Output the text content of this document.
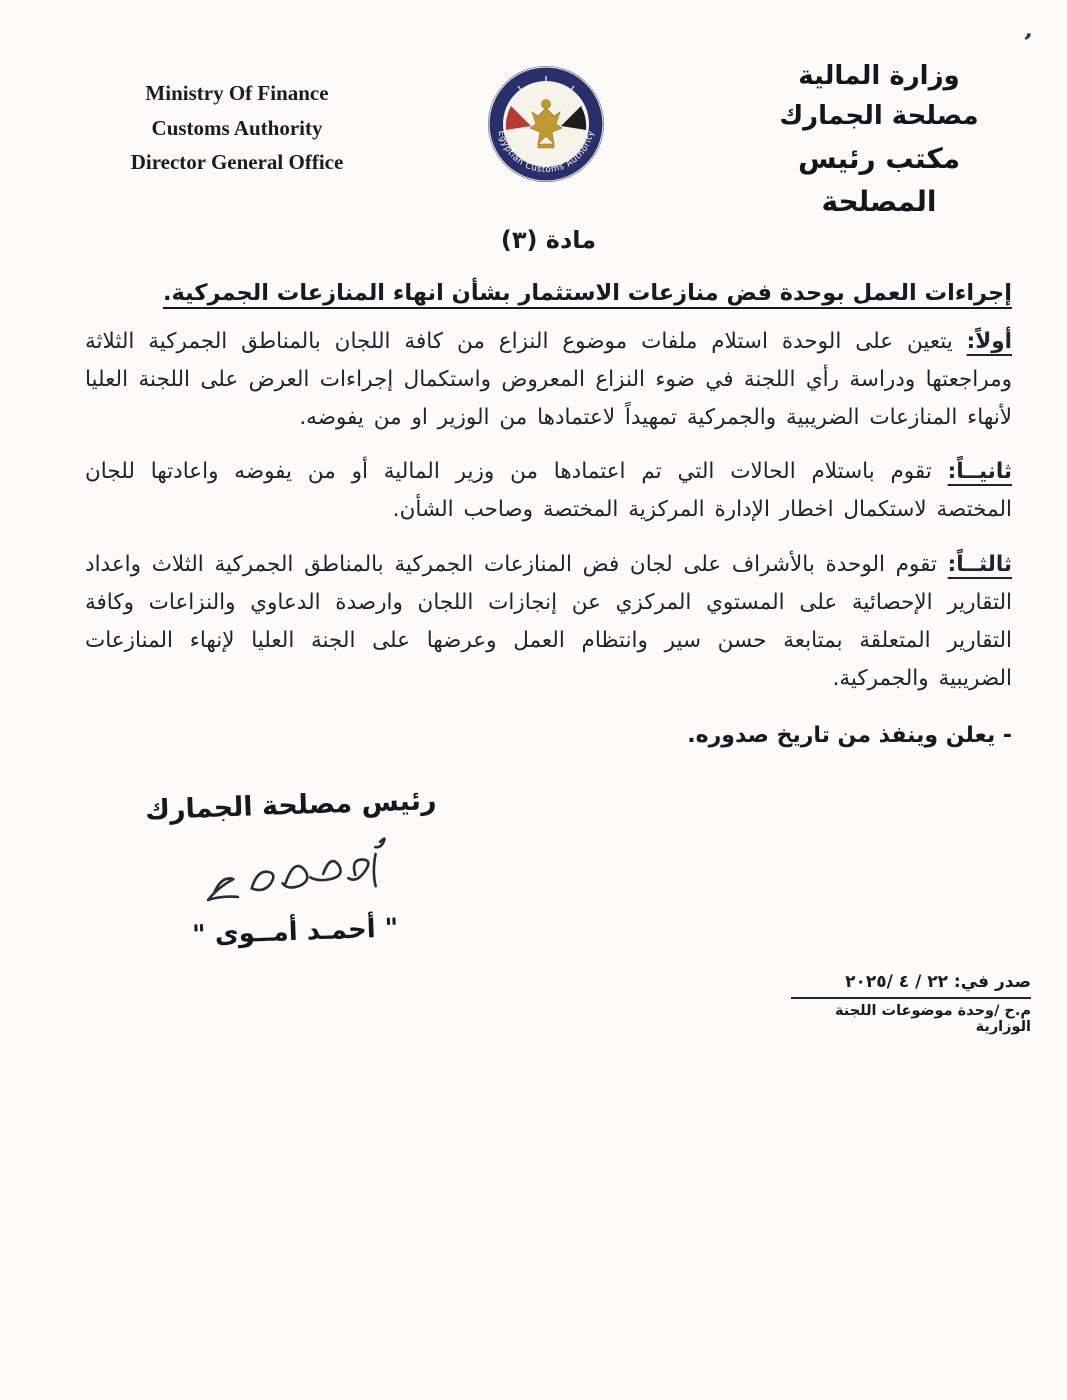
’
Ministry Of Finance
Customs Authority
Director General Office
Egyptian Customs Authority
وزارة المالية
مصلحة الجمارك
مكتب رئيس المصلحة
مادة (٣)
إجراءات العمل بوحدة فض منازعات الاستثمار بشأن انهاء المنازعات الجمركية.

أولاً: يتعين على الوحدة استلام ملفات موضوع النزاع من كافة اللجان بالمناطق الجمركية الثلاثة ومراجعتها ودراسة رأي اللجنة في ضوء النزاع المعروض واستكمال إجراءات العرض على اللجنة العليا لأنهاء المنازعات الضريبية والجمركية تمهيداً لاعتمادها من الوزير او من يفوضه.

ثانيــاً: تقوم باستلام الحالات التي تم اعتمادها من وزير المالية أو من يفوضه واعادتها للجان المختصة لاستكمال اخطار الإدارة المركزية المختصة وصاحب الشأن.

ثالثــاً: تقوم الوحدة بالأشراف على لجان فض المنازعات الجمركية بالمناطق الجمركية الثلاث واعداد التقارير الإحصائية على المستوي المركزي عن إنجازات اللجان وارصدة الدعاوي والنزاعات وكافة التقارير المتعلقة بمتابعة حسن سير وانتظام العمل وعرضها على الجنة العليا لإنهاء المنازعات الضريبية والجمركية.

- يعلن وينفذ من تاريخ صدوره.
رئيس مصلحة الجمارك
" أحمـد أمــوى "
صدر في: ٢٢ / ٤ /٢٠٢٥
م.ح /وحدة موضوعات اللجنة الوزارية
